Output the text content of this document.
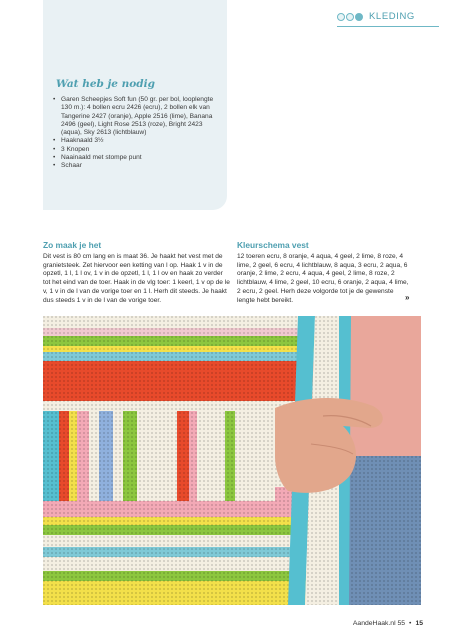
KLEDING
Wat heb je nodig
• Garen Scheepjes Soft fun (50 gr. per bol, looplengte 130 m.): 4 bollen ecru 2426 (ecru), 2 bollen elk van Tangerine 2427 (oranje), Apple 2516 (lime), Banana 2496 (geel), Light Rose 2513 (roze), Bright 2423 (aqua), Sky 2613 (lichtblauw)
• Haaknaald 3½
• 3 Knopen
• Naainaald met stompe punt
• Schaar
Zo maak je het

Dit vest is 80 cm lang en is maat 36. Je haakt het vest met de granietsteek. Zet hiervoor een ketting van l op. Haak 1 v in de opzetl, 1 l, 1 l ov, 1 v in de opzetl, 1 l, 1 l ov en haak zo verder tot het eind van de toer. Haak in de vlg toer: 1 keerl, 1 v op de le v, 1 v in de l van de vorige toer en 1 l. Herh dit steeds. Je haakt dus steeds 1 v in de l van de vorige toer.

Kleurschema vest

12 toeren ecru, 8 oranje, 4 aqua, 4 geel, 2 lime, 8 roze, 4 lime, 2 geel, 6 ecru, 4 lichtblauw, 8 aqua, 3 ecru, 2 aqua, 6 oranje, 2 lime, 2 ecru, 4 aqua, 4 geel, 2 lime, 8 roze, 2 lichtblauw, 4 lime, 2 geel, 10 ecru, 6 oranje, 2 aqua, 4 lime, 2 ecru, 2 geel. Herh deze volgorde tot je de gewenste lengte hebt bereikt.	»
AandeHaak.nl 55 • 15
